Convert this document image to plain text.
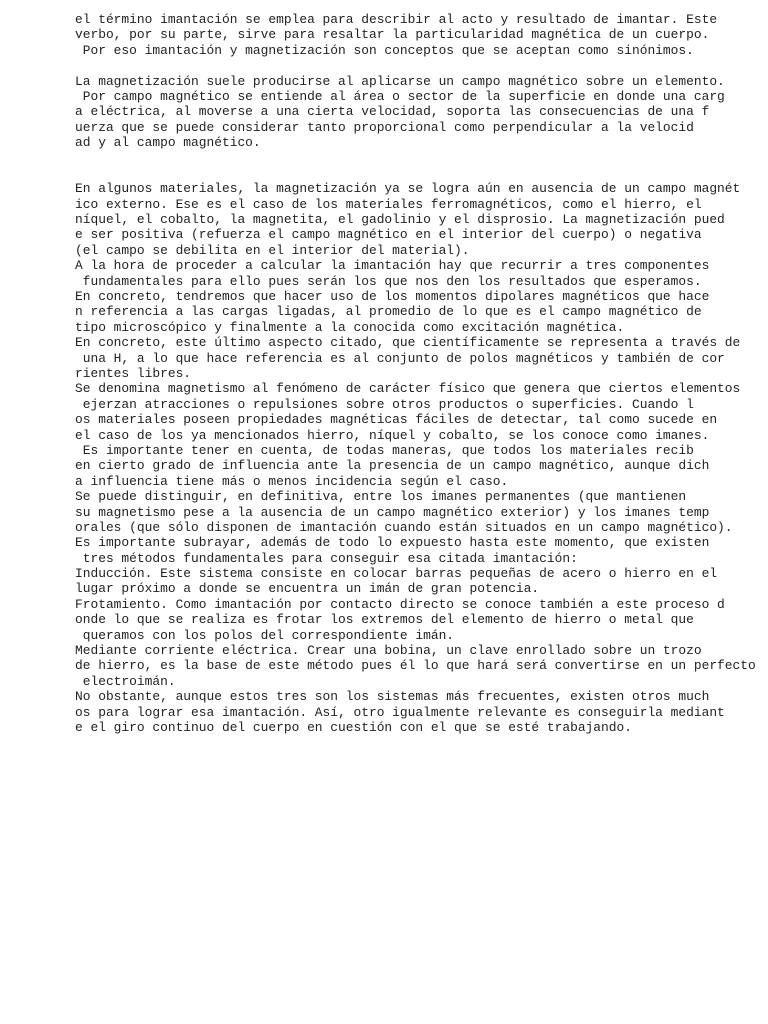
el término imantación se emplea para describir al acto y resultado de imantar. Este
verbo, por su parte, sirve para resaltar la particularidad magnética de un cuerpo.
Por eso imantación y magnetización son conceptos que se aceptan como sinónimos.
La magnetización suele producirse al aplicarse un campo magnético sobre un elemento.
Por campo magnético se entiende al área o sector de la superficie en donde una carg
a eléctrica, al moverse a una cierta velocidad, soporta las consecuencias de una f
uerza que se puede considerar tanto proporcional como perpendicular a la velocid
ad y al campo magnético.
En algunos materiales, la magnetización ya se logra aún en ausencia de un campo magnét
ico externo. Ese es el caso de los materiales ferromagnéticos, como el hierro, el
níquel, el cobalto, la magnetita, el gadolinio y el disprosio. La magnetización pued
e ser positiva (refuerza el campo magnético en el interior del cuerpo) o negativa
(el campo se debilita en el interior del material).
A la hora de proceder a calcular la imantación hay que recurrir a tres componentes
fundamentales para ello pues serán los que nos den los resultados que esperamos.
En concreto, tendremos que hacer uso de los momentos dipolares magnéticos que hace
n referencia a las cargas ligadas, al promedio de lo que es el campo magnético de
tipo microscópico y finalmente a la conocida como excitación magnética.
En concreto, este último aspecto citado, que científicamente se representa a través de
una H, a lo que hace referencia es al conjunto de polos magnéticos y también de cor
rientes libres.
Se denomina magnetismo al fenómeno de carácter físico que genera que ciertos elementos
ejerzan atracciones o repulsiones sobre otros productos o superficies. Cuando l
os materiales poseen propiedades magnéticas fáciles de detectar, tal como sucede en
el caso de los ya mencionados hierro, níquel y cobalto, se los conoce como imanes.
Es importante tener en cuenta, de todas maneras, que todos los materiales recib
en cierto grado de influencia ante la presencia de un campo magnético, aunque dich
a influencia tiene más o menos incidencia según el caso.
Se puede distinguir, en definitiva, entre los imanes permanentes (que mantienen
su magnetismo pese a la ausencia de un campo magnético exterior) y los imanes temp
orales (que sólo disponen de imantación cuando están situados en un campo magnético).
Es importante subrayar, además de todo lo expuesto hasta este momento, que existen
tres métodos fundamentales para conseguir esa citada imantación:
Inducción. Este sistema consiste en colocar barras pequeñas de acero o hierro en el
lugar próximo a donde se encuentra un imán de gran potencia.
Frotamiento. Como imantación por contacto directo se conoce también a este proceso d
onde lo que se realiza es frotar los extremos del elemento de hierro o metal que
queramos con los polos del correspondiente imán.
Mediante corriente eléctrica. Crear una bobina, un clave enrollado sobre un trozo
de hierro, es la base de este método pues él lo que hará será convertirse en un perfecto
electroimán.
No obstante, aunque estos tres son los sistemas más frecuentes, existen otros much
os para lograr esa imantación. Así, otro igualmente relevante es conseguirla mediant
e el giro continuo del cuerpo en cuestión con el que se esté trabajando.
